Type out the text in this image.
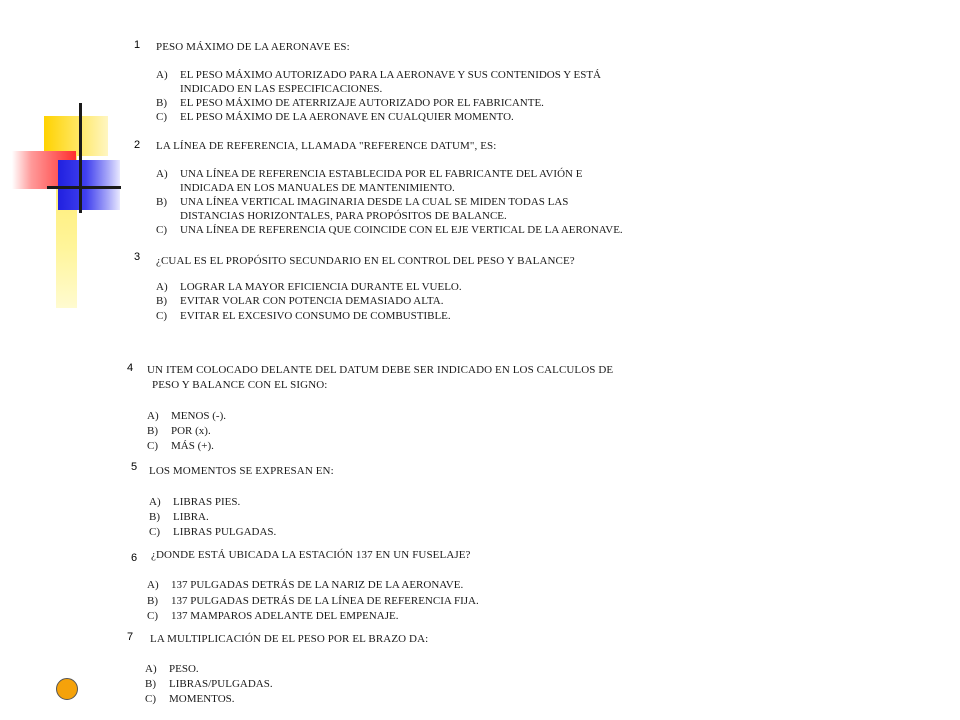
1 PESO MÁXIMO DE LA AERONAVE ES:
A) EL PESO MÁXIMO AUTORIZADO PARA LA AERONAVE Y SUS CONTENIDOS Y ESTÁ
INDICADO EN LAS ESPECIFICACIONES.
B) EL PESO MÁXIMO DE ATERRIZAJE AUTORIZADO POR EL FABRICANTE.
C) EL PESO MÁXIMO DE LA AERONAVE EN CUALQUIER MOMENTO.
2 LA LÍNEA DE REFERENCIA, LLAMADA "REFERENCE DATUM", ES:
A) UNA LÍNEA DE REFERENCIA ESTABLECIDA POR EL FABRICANTE DEL AVIÓN E
INDICADA EN LOS MANUALES DE MANTENIMIENTO.
B) UNA LÍNEA VERTICAL IMAGINARIA DESDE LA CUAL SE MIDEN TODAS LAS
DISTANCIAS HORIZONTALES, PARA PROPÓSITOS DE BALANCE.
C) UNA LÍNEA DE REFERENCIA QUE COINCIDE CON EL EJE VERTICAL DE LA AERONAVE.
3 ¿CUAL ES EL PROPÓSITO SECUNDARIO EN EL CONTROL DEL PESO Y BALANCE?
A) LOGRAR LA MAYOR EFICIENCIA DURANTE EL VUELO.
B) EVITAR VOLAR CON POTENCIA DEMASIADO ALTA.
C) EVITAR EL EXCESIVO CONSUMO DE COMBUSTIBLE.
4 UN ITEM COLOCADO DELANTE DEL DATUM DEBE SER INDICADO EN LOS CALCULOS DE
PESO Y BALANCE CON EL SIGNO:
A) MENOS (-).
B) POR (x).
C) MÁS (+).
5 LOS MOMENTOS SE EXPRESAN EN:
A) LIBRAS PIES.
B) LIBRA.
C) LIBRAS PULGADAS.
6 ¿DONDE ESTÁ UBICADA LA ESTACIÓN 137 EN UN FUSELAJE?
A) 137 PULGADAS DETRÁS DE LA NARIZ DE LA AERONAVE.
B) 137 PULGADAS DETRÁS DE LA LÍNEA DE REFERENCIA FIJA.
C) 137 MAMPAROS ADELANTE DEL EMPENAJE.
7 LA MULTIPLICACIÓN DE EL PESO POR EL BRAZO DA:
A) PESO.
B) LIBRAS/PULGADAS.
C) MOMENTOS.
